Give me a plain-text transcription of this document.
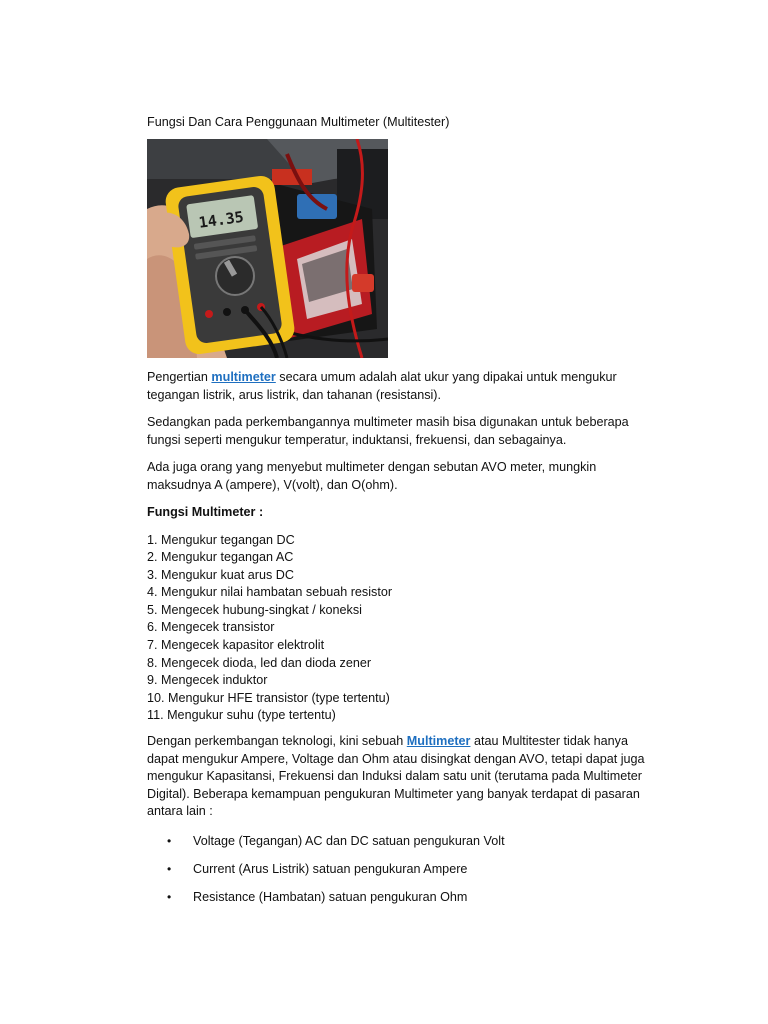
Fungsi Dan Cara Penggunaan Multimeter (Multitester)
14.35

Pengertian multimeter secara umum adalah alat ukur yang dipakai untuk mengukur tegangan listrik, arus listrik, dan tahanan (resistansi).

Sedangkan pada perkembangannya multimeter masih bisa digunakan untuk beberapa fungsi seperti mengukur temperatur, induktansi, frekuensi, dan sebagainya.

Ada juga orang yang menyebut multimeter dengan sebutan AVO meter, mungkin maksudnya A (ampere), V(volt), dan O(ohm).

Fungsi Multimeter :

1. Mengukur tegangan DC
2. Mengukur tegangan AC
3. Mengukur kuat arus DC
4. Mengukur nilai hambatan sebuah resistor
5. Mengecek hubung-singkat / koneksi
6. Mengecek transistor
7. Mengecek kapasitor elektrolit
8. Mengecek dioda, led dan dioda zener
9. Mengecek induktor
10. Mengukur HFE transistor (type tertentu)
11. Mengukur suhu (type tertentu)

Dengan perkembangan teknologi, kini sebuah Multimeter atau Multitester tidak hanya dapat mengukur Ampere, Voltage dan Ohm atau disingkat dengan AVO, tetapi dapat juga mengukur Kapasitansi, Frekuensi dan Induksi dalam satu unit (terutama pada Multimeter Digital). Beberapa kemampuan pengukuran Multimeter yang banyak terdapat di pasaran antara lain :

• Voltage (Tegangan) AC dan DC satuan pengukuran Volt
• Current (Arus Listrik) satuan pengukuran Ampere
• Resistance (Hambatan) satuan pengukuran Ohm
